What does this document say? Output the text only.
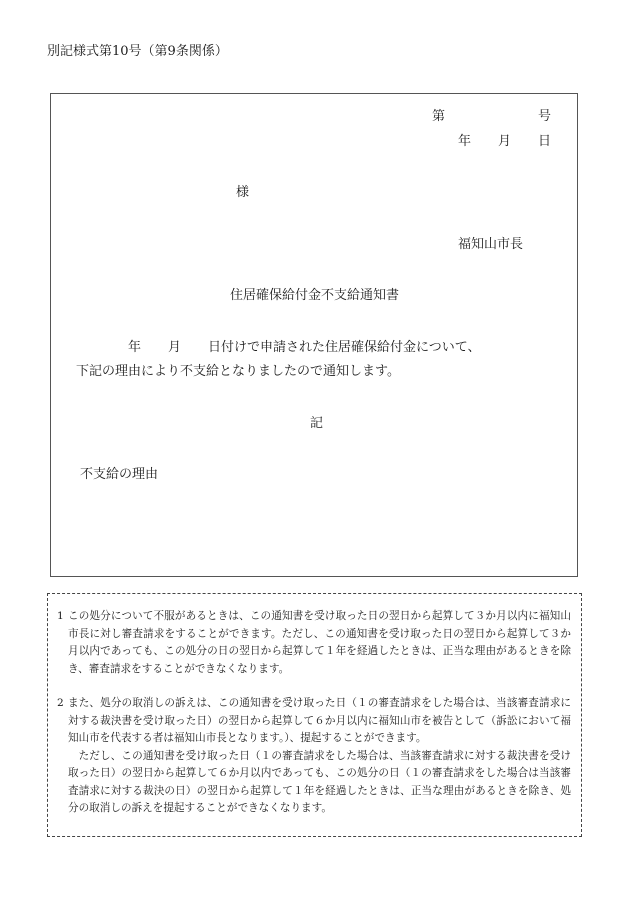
別記様式第10号（第9条関係）
第	号
年 月 日
様
福知山市長
住居確保給付金不支給通知書
年 月 日付けで申請された住居確保給付金について、
下記の理由により不支給となりましたので通知します。
記
不支給の理由
1 この処分について不服があるときは、この通知書を受け取った日の翌日から起算して３か月以内に福知山市長に対し審査請求をすることができます。ただし、この通知書を受け取った日の翌日から起算して３か月以内であっても、この処分の日の翌日から起算して１年を経過したときは、正当な理由があるときを除き、審査請求をすることができなくなります。

2 また、処分の取消しの訴えは、この通知書を受け取った日（１の審査請求をした場合は、当該審査請求に対する裁決書を受け取った日）の翌日から起算して６か月以内に福知山市を被告として（訴訟において福知山市を代表する者は福知山市長となります。）、提起することができます。

ただし、この通知書を受け取った日（１の審査請求をした場合は、当該審査請求に対する裁決書を受け取った日）の翌日から起算して６か月以内であっても、この処分の日（１の審査請求をした場合は当該審査請求に対する裁決の日）の翌日から起算して１年を経過したときは、正当な理由があるときを除き、処分の取消しの訴えを提起することができなくなります。
